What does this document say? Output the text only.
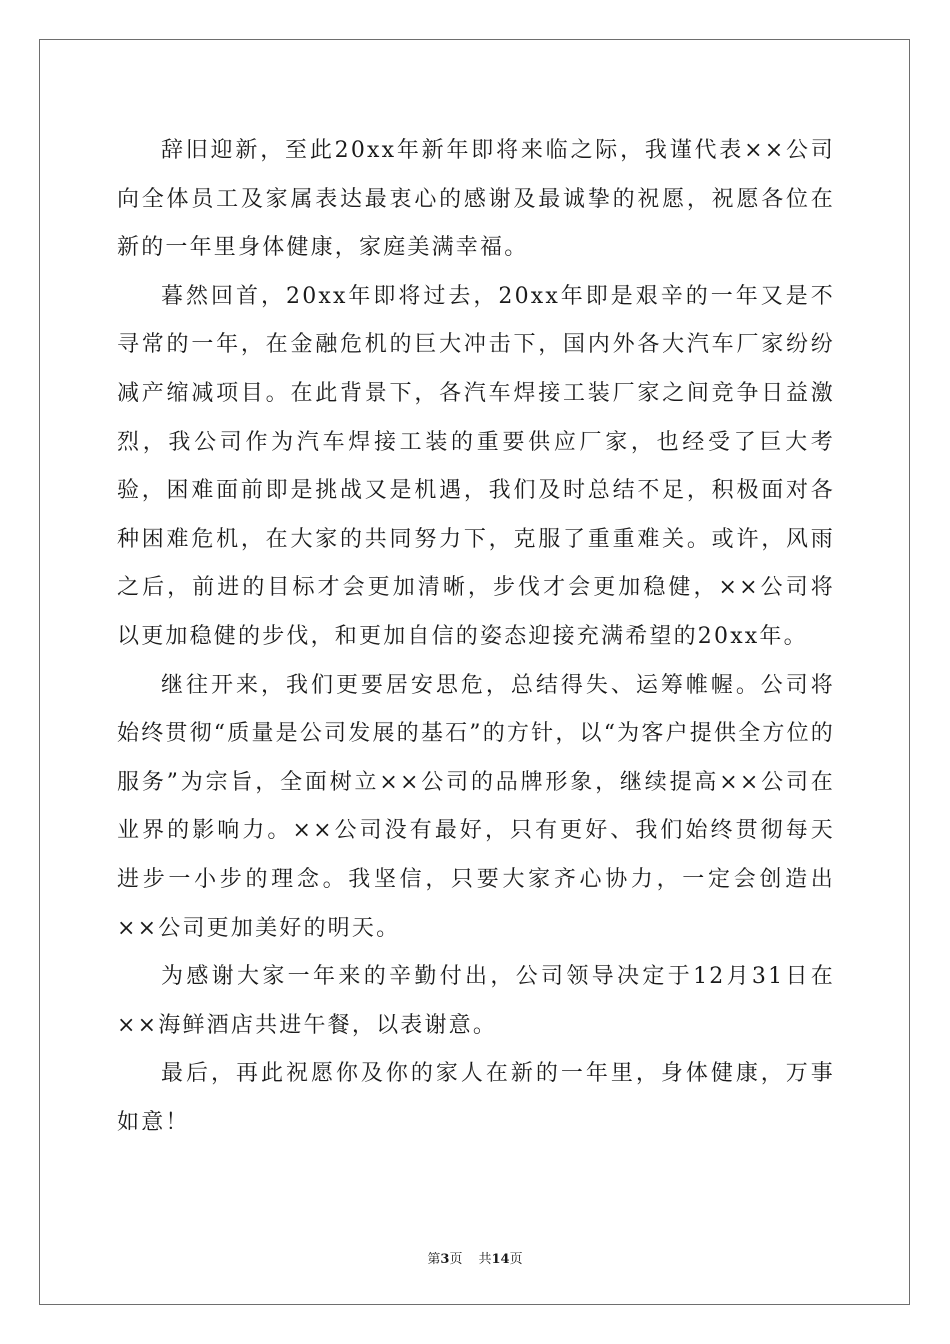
辞旧迎新，至此20xx年新年即将来临之际，我谨代表××公司向全体员工及家属表达最衷心的感谢及最诚挚的祝愿，祝愿各位在新的一年里身体健康，家庭美满幸福。

暮然回首，20xx年即将过去，20xx年即是艰辛的一年又是不寻常的一年，在金融危机的巨大冲击下，国内外各大汽车厂家纷纷减产缩减项目。在此背景下，各汽车焊接工装厂家之间竞争日益激烈，我公司作为汽车焊接工装的重要供应厂家，也经受了巨大考验，困难面前即是挑战又是机遇，我们及时总结不足，积极面对各种困难危机，在大家的共同努力下，克服了重重难关。或许，风雨之后，前进的目标才会更加清晰，步伐才会更加稳健，××公司将以更加稳健的步伐，和更加自信的姿态迎接充满希望的20xx年。

继往开来，我们更要居安思危，总结得失、运筹帷幄。公司将始终贯彻“质量是公司发展的基石”的方针，以“为客户提供全方位的服务”为宗旨，全面树立××公司的品牌形象，继续提高××公司在业界的影响力。××公司没有最好，只有更好、我们始终贯彻每天进步一小步的理念。我坚信，只要大家齐心协力，一定会创造出××公司更加美好的明天。

为感谢大家一年来的辛勤付出，公司领导决定于12月31日在××海鲜酒店共进午餐，以表谢意。

最后，再此祝愿你及你的家人在新的一年里，身体健康，万事如意！

第3页 共14页
